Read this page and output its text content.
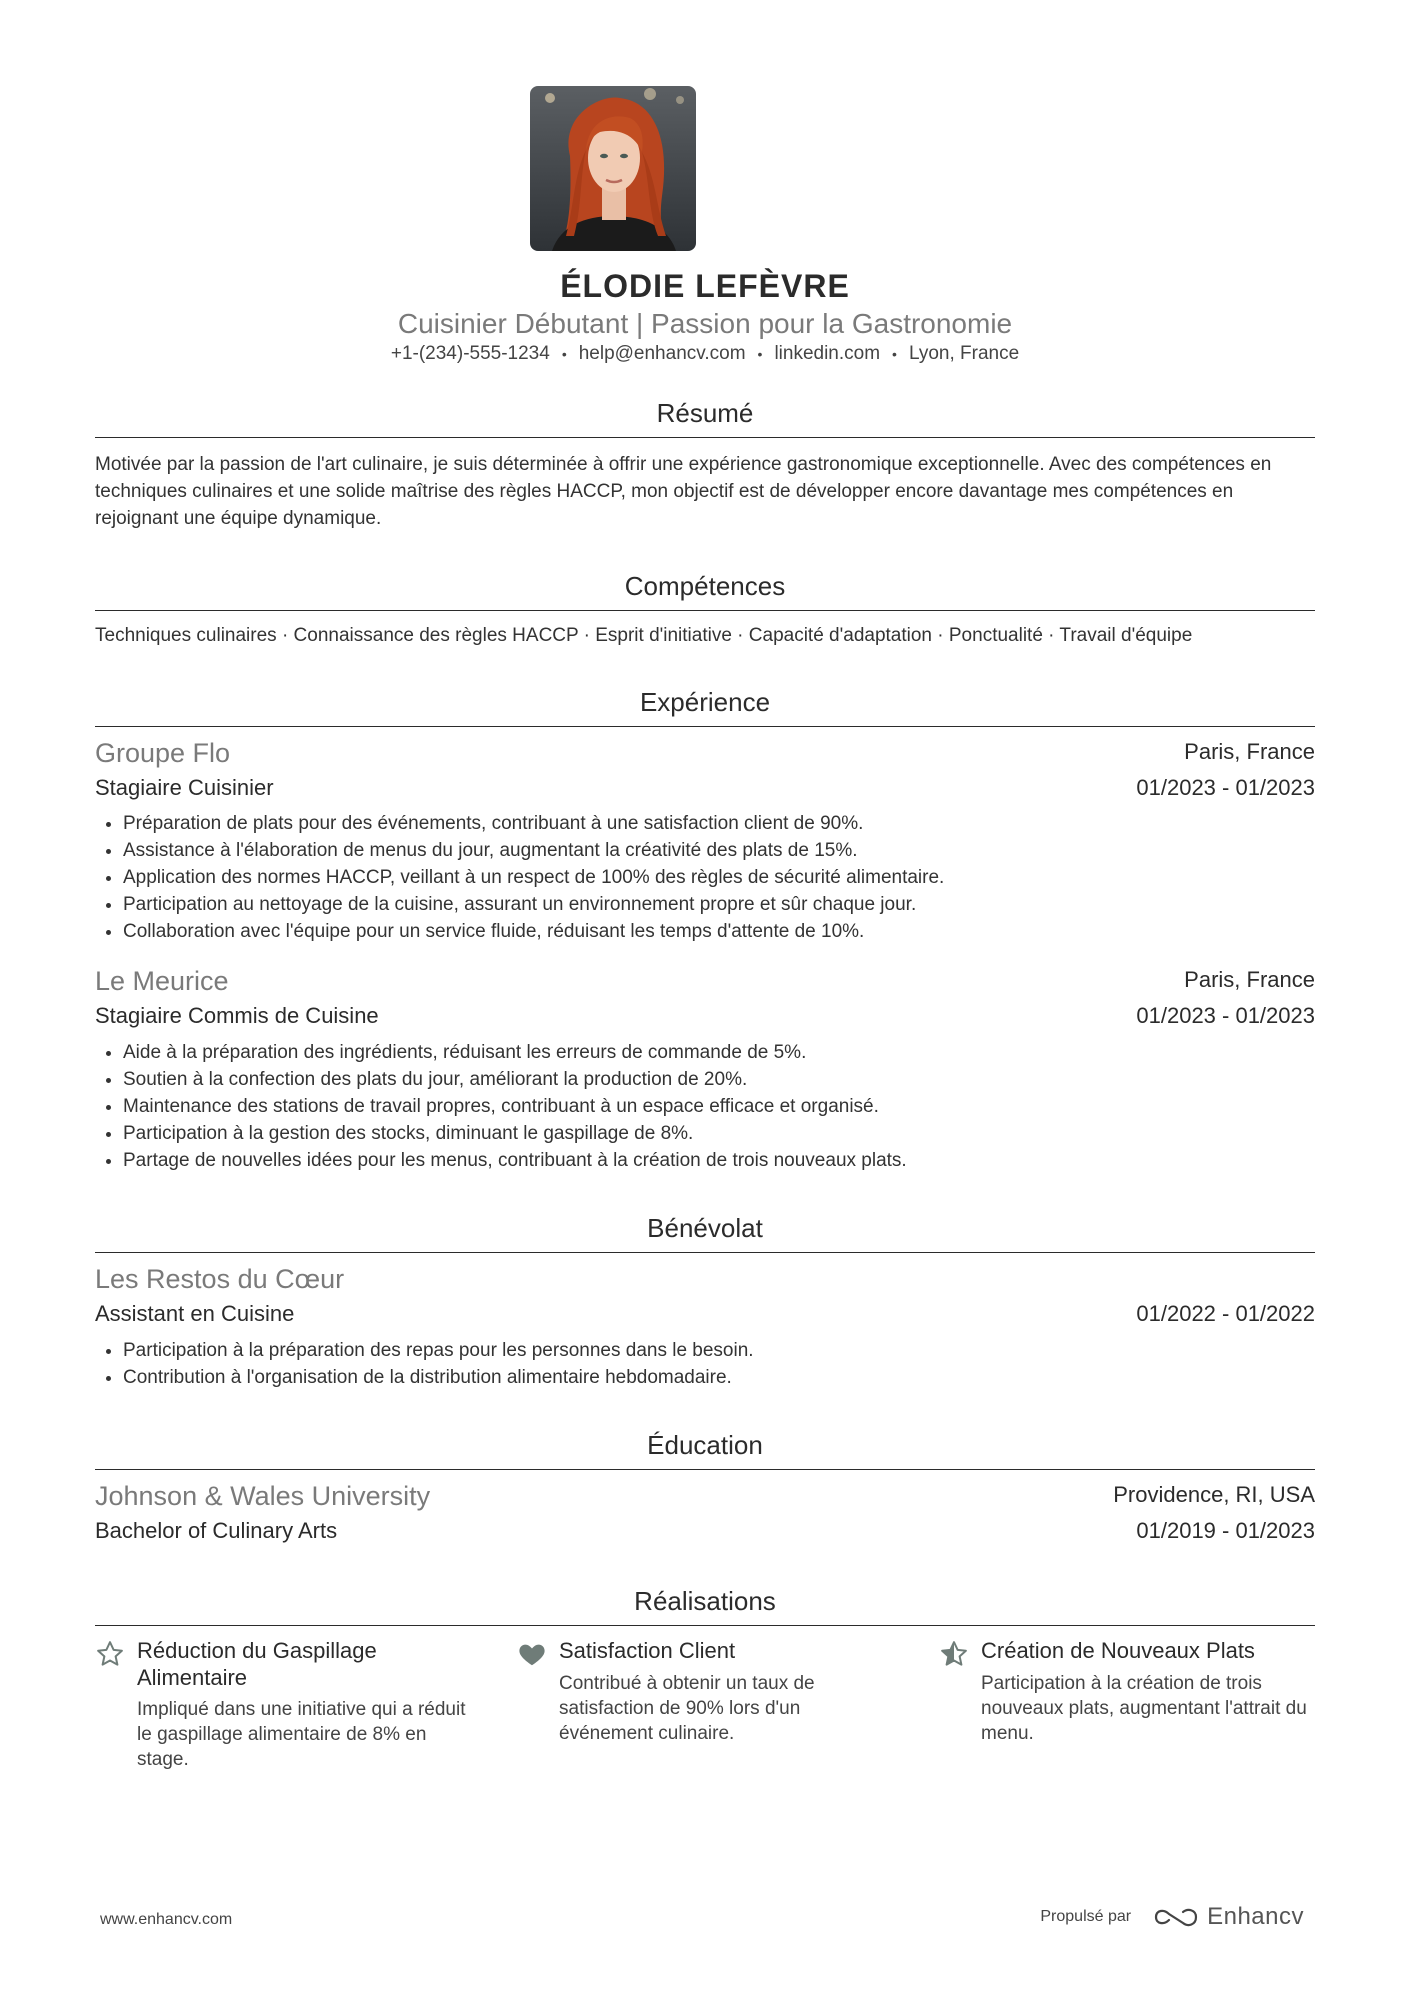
ÉLODIE LEFÈVRE
Cuisinier Débutant | Passion pour la Gastronomie
+1-(234)-555-1234 • help@enhancv.com • linkedin.com • Lyon, France
Résumé
Motivée par la passion de l'art culinaire, je suis déterminée à offrir une expérience gastronomique exceptionnelle. Avec des compétences en techniques culinaires et une solide maîtrise des règles HACCP, mon objectif est de développer encore davantage mes compétences en rejoignant une équipe dynamique.
Compétences
Techniques culinaires · Connaissance des règles HACCP · Esprit d'initiative · Capacité d'adaptation · Ponctualité · Travail d'équipe
Expérience
Groupe Flo	Paris, France
Stagiaire Cuisinier	01/2023 - 01/2023
• Préparation de plats pour des événements, contribuant à une satisfaction client de 90%.
• Assistance à l'élaboration de menus du jour, augmentant la créativité des plats de 15%.
• Application des normes HACCP, veillant à un respect de 100% des règles de sécurité alimentaire.
• Participation au nettoyage de la cuisine, assurant un environnement propre et sûr chaque jour.
• Collaboration avec l'équipe pour un service fluide, réduisant les temps d'attente de 10%.
Le Meurice	Paris, France
Stagiaire Commis de Cuisine	01/2023 - 01/2023
• Aide à la préparation des ingrédients, réduisant les erreurs de commande de 5%.
• Soutien à la confection des plats du jour, améliorant la production de 20%.
• Maintenance des stations de travail propres, contribuant à un espace efficace et organisé.
• Participation à la gestion des stocks, diminuant le gaspillage de 8%.
• Partage de nouvelles idées pour les menus, contribuant à la création de trois nouveaux plats.
Bénévolat
Les Restos du Cœur
Assistant en Cuisine	01/2022 - 01/2022
• Participation à la préparation des repas pour les personnes dans le besoin.
• Contribution à l'organisation de la distribution alimentaire hebdomadaire.
Éducation
Johnson & Wales University	Providence, RI, USA
Bachelor of Culinary Arts	01/2019 - 01/2023
Réalisations
Réduction du Gaspillage Alimentaire
Impliqué dans une initiative qui a réduit le gaspillage alimentaire de 8% en stage.
Satisfaction Client
Contribué à obtenir un taux de satisfaction de 90% lors d'un événement culinaire.
Création de Nouveaux Plats
Participation à la création de trois nouveaux plats, augmentant l'attrait du menu.
www.enhancv.com	Propulsé par	Enhancv
